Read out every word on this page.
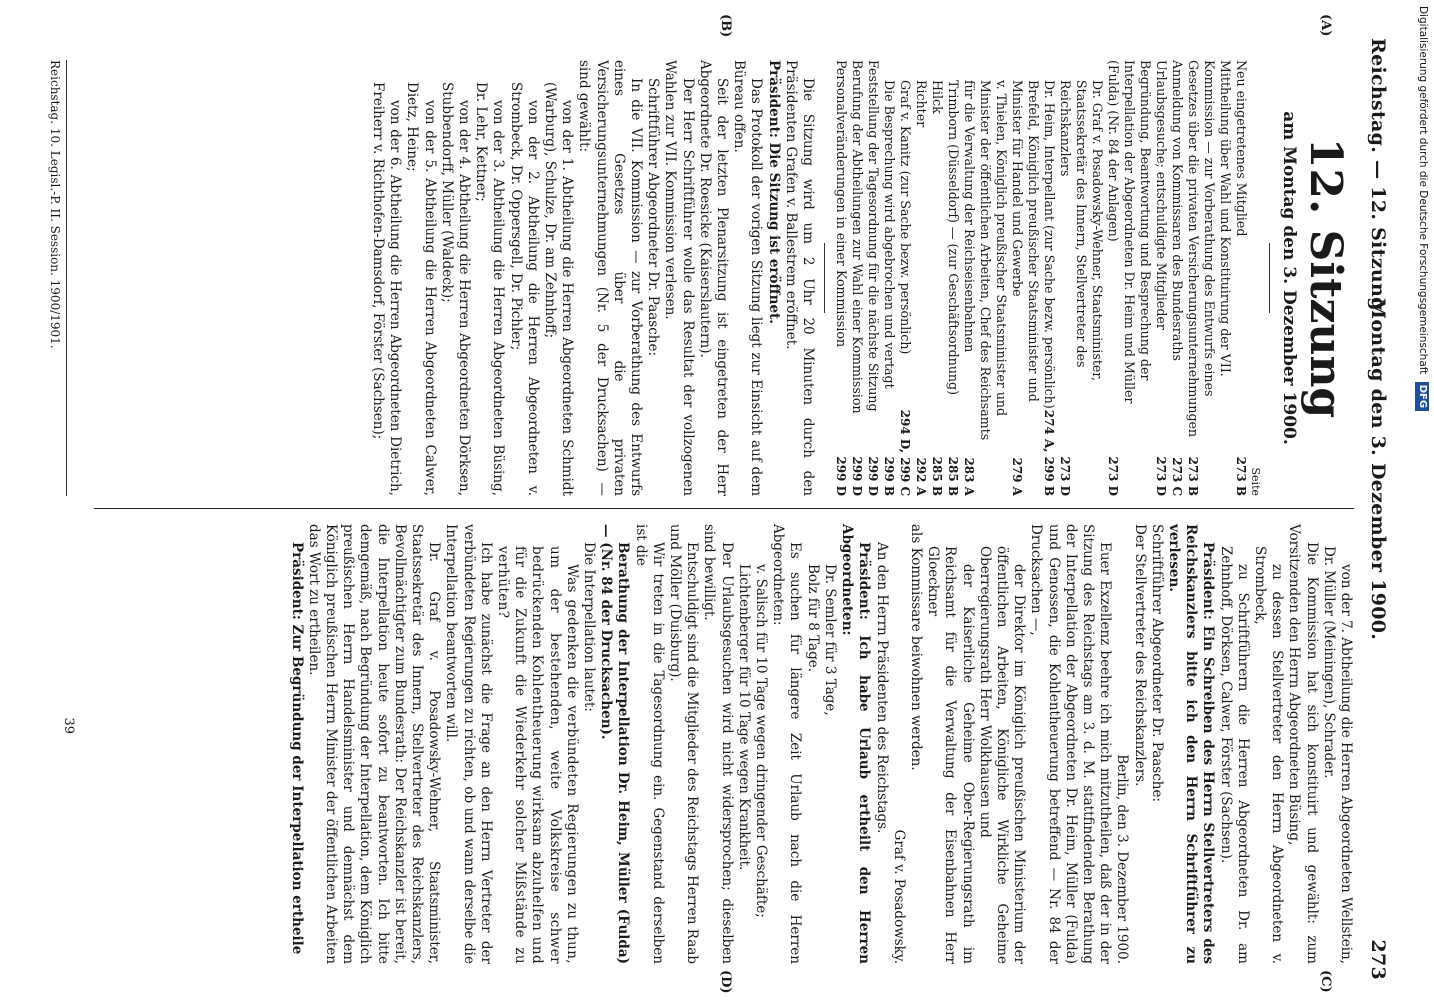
Reichstag. — 12. Sitzung.
Montag den 3. Dezember 1900.
273
(A)
(B)
(C)
(D)
12. Sitzung
am Montag den 3. Dezember 1900.
Seite
Neu eingetretenes Mitglied
273 B
Mittheilung über Wahl und Konstituirung der VII. Kommission — zur Vorberathung des Entwurfs eines Gesetzes über die privaten Versicherungsunternehmungen
273 B
Anmeldung von Kommissaren des Bundesraths
273 C
Urlaubsgesuche; entschuldigte Mitglieder
273 D
Begründung, Beantwortung und Besprechung der Interpellation der Abgeordneten Dr. Heim und Müller (Fulda) (Nr. 84 der Anlagen)
273 D
Dr. Graf v. Posadowsky-Wehner, Staatsminister, Staatssekretär des Innern, Stellvertreter des Reichskanzlers
273 D
Dr. Heim, Interpellant (zur Sache bezw. persönlich)
274 A, 299 B
Brefeld, Königlich preußischer Staatsminister und Minister für Handel und Gewerbe
279 A
v. Thielen, Königlich preußischer Staatsminister und Minister der öffentlichen Arbeiten, Chef des Reichsamts für die Verwaltung der Reichseisenbahnen
283 A
Trimborn (Düsseldorf) — (zur Geschäftsordnung)
285 B
Hilck
285 B
Richter
292 A
Graf v. Kanitz (zur Sache bezw. persönlich)
294 D, 299 C
Die Besprechung wird abgebrochen und vertagt
299 B
Feststellung der Tagesordnung für die nächste Sitzung
299 D
Berufung der Abtheilungen zur Wahl einer Kommission
299 D
Personalveränderungen in einer Kommission
299 D

Die Sitzung wird um 2 Uhr 20 Minuten durch den Präsidenten Grafen v. Ballestrem eröffnet.

Präsident: Die Sitzung ist eröffnet.

Das Protokoll der vorigen Sitzung liegt zur Einsicht auf dem Büreau offen.

Seit der letzten Plenarsitzung ist eingetreten der Herr Abgeordnete Dr. Roesicke (Kaiserslautern).

Der Herr Schriftführer wolle das Resultat der vollzogenen Wahlen zur VII. Kommission verlesen.

Schriftführer Abgeordneter Dr. Paasche:

In die VII. Kommission — zur Vorberathung des Entwurfs eines Gesetzes über die privaten Versicherungsunternehmungen (Nr. 5 der Drucksachen) — sind gewählt:

von der 1. Abtheilung die Herren Abgeordneten Schmidt (Warburg), Schulze, Dr. am Zehnhoff;

von der 2. Abtheilung die Herren Abgeordneten v. Strombeck, Dr. Oppersgell, Dr. Pichler;

von der 3. Abtheilung die Herren Abgeordneten Büsing, Dr. Lehr, Kettner;

von der 4. Abtheilung die Herren Abgeordneten Dörksen, Stubbendorff, Müller (Waldeck);

von der 5. Abtheilung die Herren Abgeordneten Calwer, Dietz, Heine;

von der 6. Abtheilung die Herren Abgeordneten Dietrich, Freiherr v. Richthofen-Damsdorf, Förster (Sachsen);

Reichstag. 10. Legisl.-P. II. Session. 1900/1901.

von der 7. Abtheilung die Herren Abgeordneten Wellstein, Dr. Müller (Meiningen), Schrader.

Die Kommission hat sich konstituirt und gewählt: zum Vorsitzenden den Herrn Abgeordneten Büsing,

zu dessen Stellvertreter den Herrn Abgeordneten v. Strombeck,

zu Schriftführern die Herren Abgeordneten Dr. am Zehnhoff, Dörksen, Calwer, Förster (Sachsen).

Präsident: Ein Schreiben des Herrn Stellvertreters des Reichskanzlers bitte ich den Herrn Schriftführer zu verlesen.

Schriftführer Abgeordneter Dr. Paasche:

Der Stellvertreter des Reichskanzlers.

Berlin, den 3. Dezember 1900.

Euer Exzellenz beehre ich mich mitzutheilen, daß der in der Sitzung des Reichstags am 3. d. M. stattfindenden Berathung der Interpellation der Abgeordneten Dr. Heim, Müller (Fulda) und Genossen, die Kohlentheuerung betreffend — Nr. 84 der Drucksachen —,

der Direktor im Königlich preußischen Ministerium der öffentlichen Arbeiten, Königliche Wirkliche Geheime Oberregierungsrath Herr Wolkhausen und

der Kaiserliche Geheime Ober-Regierungsrath im Reichsamt für die Verwaltung der Eisenbahnen Herr Gloeckner

als Kommissare beiwohnen werden.

Graf v. Posadowsky.

An den Herrn Präsidenten des Reichstags.

Präsident: Ich habe Urlaub ertheilt den Herren Abgeordneten:

Dr. Semler für 3 Tage,

Bolz für 8 Tage.

Es suchen für längere Zeit Urlaub nach die Herren Abgeordneten:

v. Salisch für 10 Tage wegen dringender Geschäfte;

Lichtenberger für 10 Tage wegen Krankheit.

Der Urlaubsgesuchen wird nicht widersprochen; dieselben sind bewilligt.

Entschuldigt sind die Mitglieder des Reichstags Herren Raab und Möller (Duisburg).

Wir treten in die Tagesordnung ein. Gegenstand derselben ist die

Berathung der Interpellation Dr. Heim, Müller (Fulda) — (Nr. 84 der Drucksachen).

Die Interpellation lautet:

Was gedenken die verbündeten Regierungen zu thun, um der bestehenden, weite Volkskreise schwer bedrückenden Kohlentheuerung wirksam abzuhelfen und für die Zukunft die Wiederkehr solcher Mißstände zu verhüten?

Ich habe zunächst die Frage an den Herrn Vertreter der verbündeten Regierungen zu richten, ob und wann derselbe die Interpellation beantworten will.

Dr. Graf v. Posadowsky-Wehner, Staatsminister, Staatssekretär des Innern, Stellvertreter des Reichskanzlers, Bevollmächtigter zum Bundesrath: Der Reichskanzler ist bereit, die Interpellation heute sofort zu beantworten. Ich bitte demgemäß, nach Begründung der Interpellation, dem Königlich preußischen Herrn Handelsminister und demnächst dem Königlich preußischen Herrn Minister der öffentlichen Arbeiten das Wort zu ertheilen.

Präsident: Zur Begründung der Interpellation ertheile

39
Digitalisierung gefördert durch die Deutsche Forschungsgemeinschaft DFG
